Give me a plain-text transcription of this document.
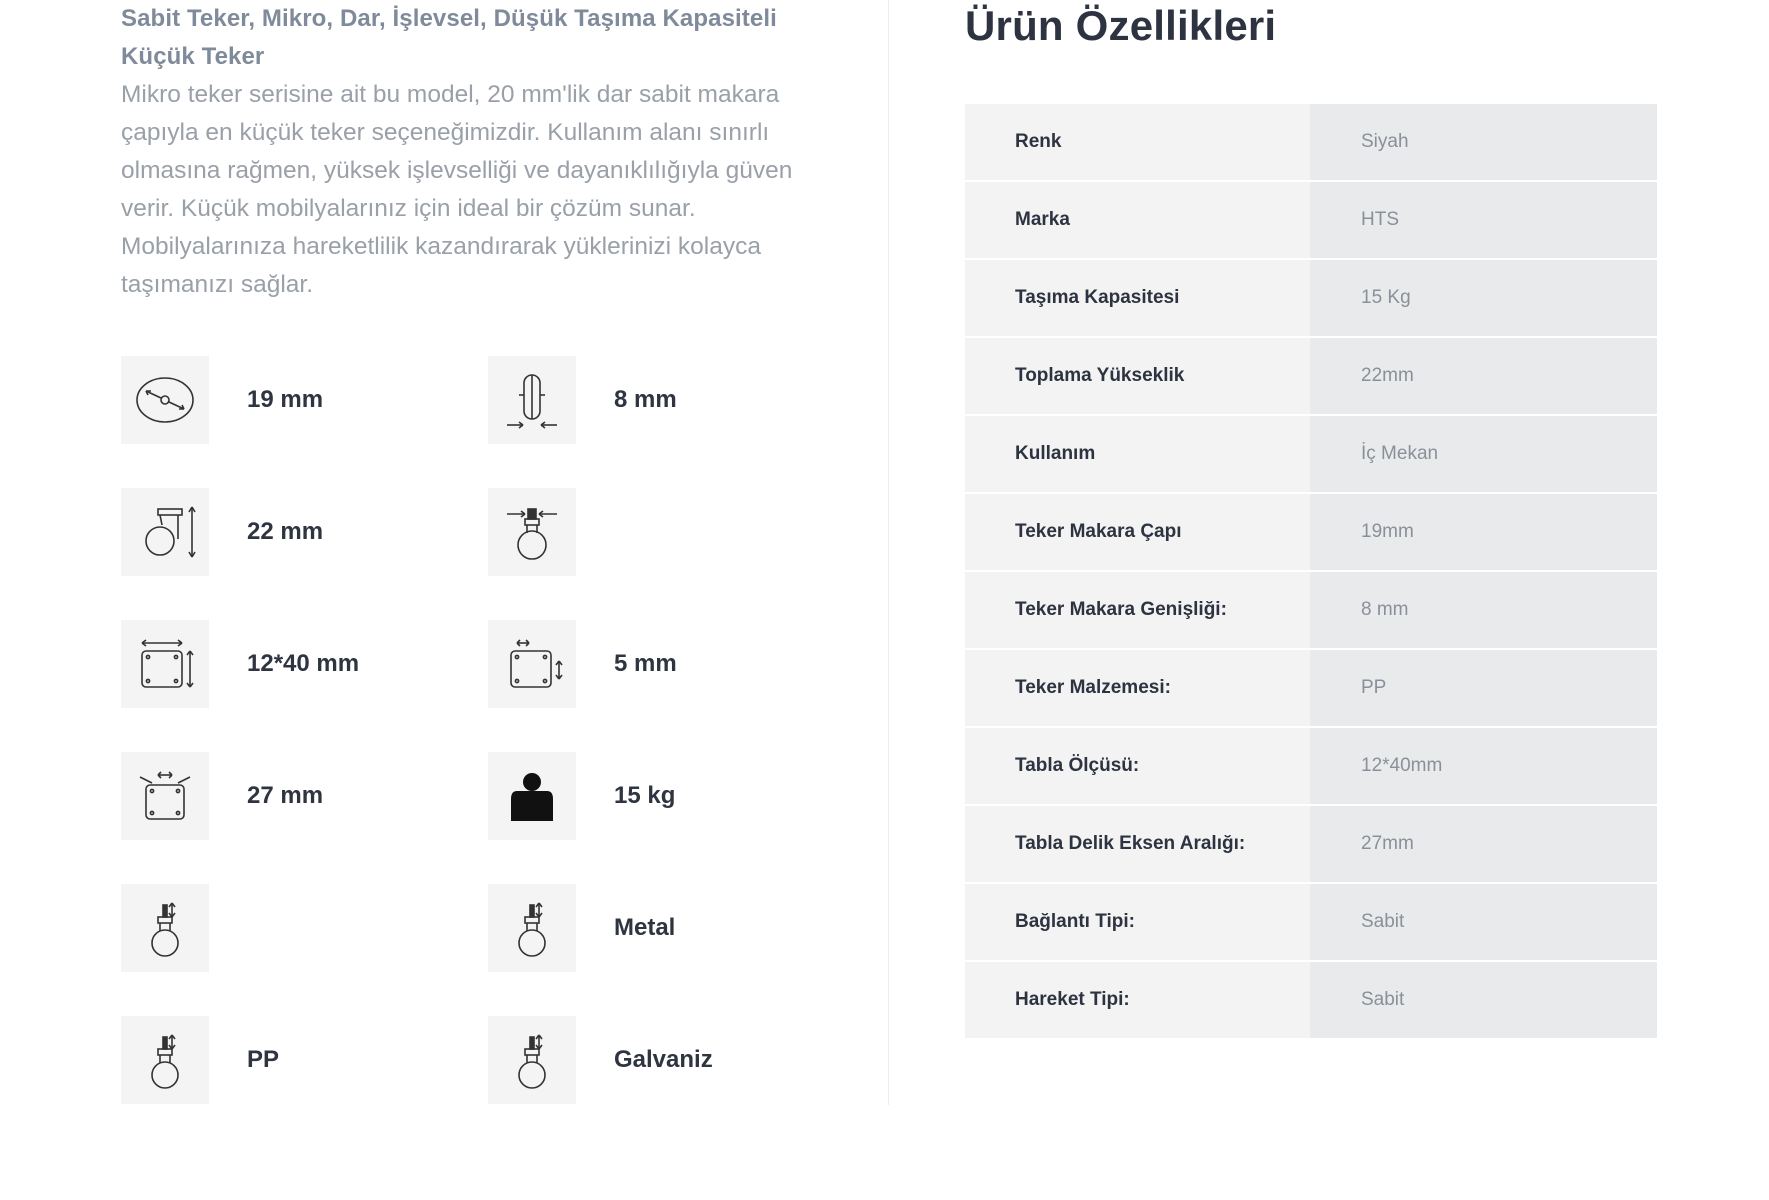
Sabit Teker, Mikro, Dar, İşlevsel, Düşük Taşıma Kapasiteli Küçük Teker

Mikro teker serisine ait bu model, 20 mm'lik dar sabit makara çapıyla en küçük teker seçeneğimizdir. Kullanım alanı sınırlı olmasına rağmen, yüksek işlevselliği ve dayanıklılığıyla güven verir. Küçük mobilyalarınız için ideal bir çözüm sunar. Mobilyalarınıza hareketlilik kazandırarak yüklerinizi kolayca taşımanızı sağlar.

19 mm	8 mm
22 mm
12*40 mm	5 mm
27 mm	15 kg
Metal
PP	Galvaniz
Ürün Özellikleri
Renk	Siyah
Marka	HTS
Taşıma Kapasitesi	15 Kg
Toplama Yükseklik	22mm
Kullanım	İç Mekan
Teker Makara Çapı	19mm
Teker Makara Genişliği:	8 mm
Teker Malzemesi:	PP
Tabla Ölçüsü:	12*40mm
Tabla Delik Eksen Aralığı:	27mm
Bağlantı Tipi:	Sabit
Hareket Tipi:	Sabit
